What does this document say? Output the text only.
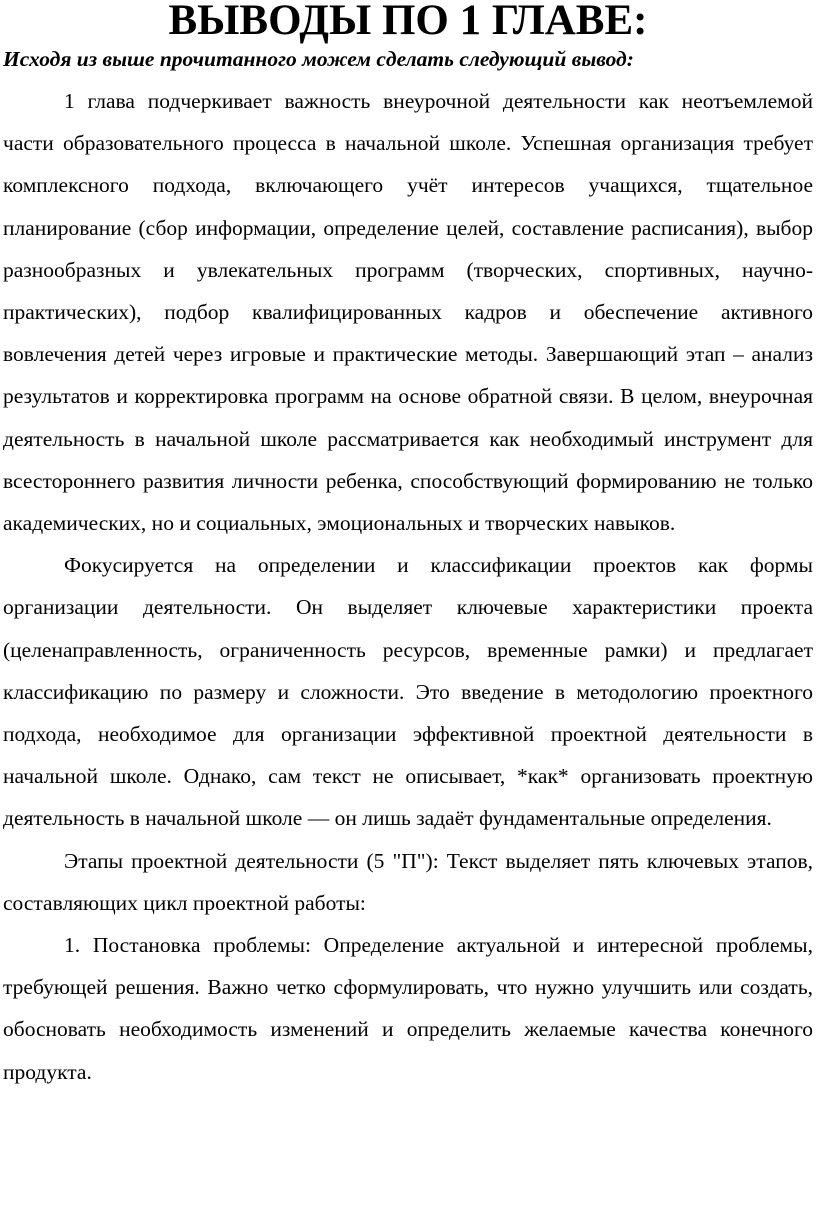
ВЫВОДЫ ПО 1 ГЛАВЕ:

Исходя из выше прочитанного можем сделать следующий вывод:

1 глава подчеркивает важность внеурочной деятельности как неотъемлемой части образовательного процесса в начальной школе. Успешная организация требует комплексного подхода, включающего учёт интересов учащихся, тщательное планирование (сбор информации, определение целей, составление расписания), выбор разнообразных и увлекательных программ (творческих, спортивных, научно-практических), подбор квалифицированных кадров и обеспечение активного вовлечения детей через игровые и практические методы. Завершающий этап – анализ результатов и корректировка программ на основе обратной связи. В целом, внеурочная деятельность в начальной школе рассматривается как необходимый инструмент для всестороннего развития личности ребенка, способствующий формированию не только академических, но и социальных, эмоциональных и творческих навыков.

Фокусируется на определении и классификации проектов как формы организации деятельности. Он выделяет ключевые характеристики проекта (целенаправленность, ограниченность ресурсов, временные рамки) и предлагает классификацию по размеру и сложности. Это введение в методологию проектного подхода, необходимое для организации эффективной проектной деятельности в начальной школе. Однако, сам текст не описывает, *как* организовать проектную деятельность в начальной школе — он лишь задаёт фундаментальные определения.

Этапы проектной деятельности (5 "П"): Текст выделяет пять ключевых этапов, составляющих цикл проектной работы:

1. Постановка проблемы: Определение актуальной и интересной проблемы, требующей решения. Важно четко сформулировать, что нужно улучшить или создать, обосновать необходимость изменений и определить желаемые качества конечного продукта.
